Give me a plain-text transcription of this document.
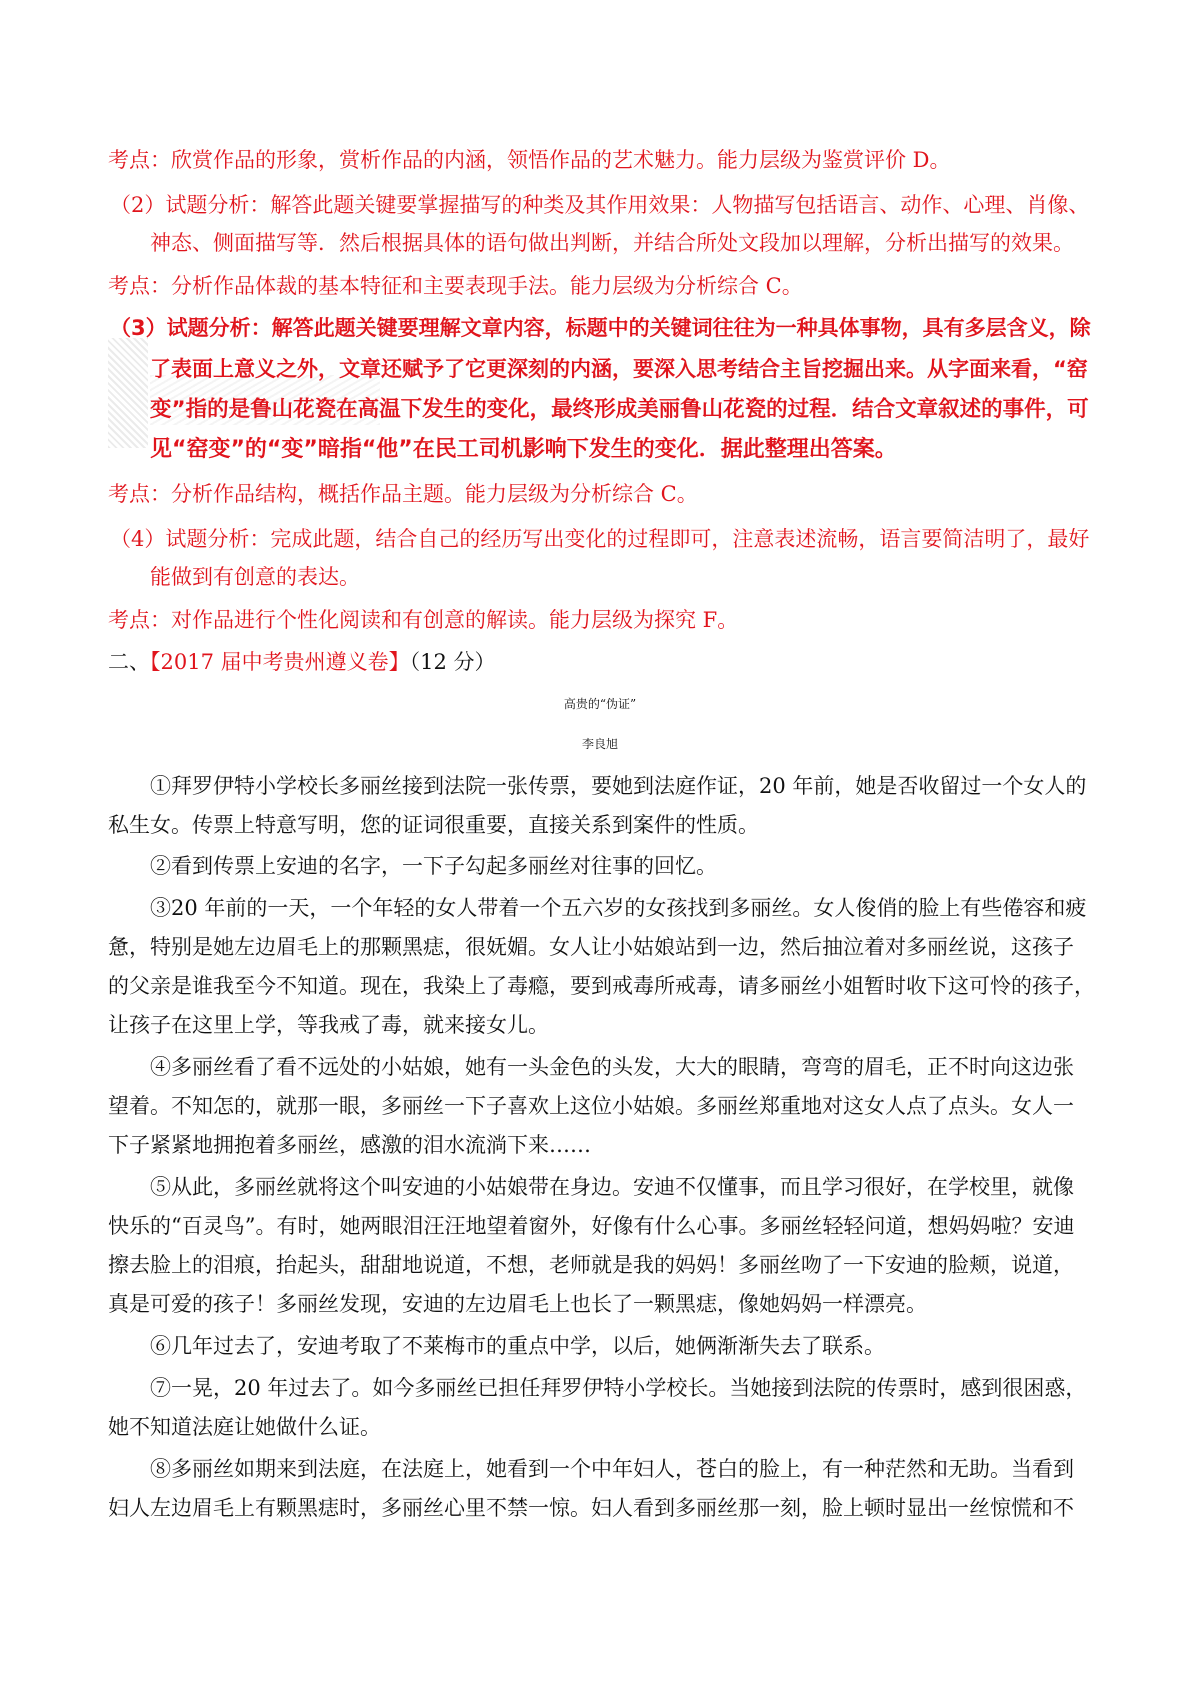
考点：欣赏作品的形象，赏析作品的内涵，领悟作品的艺术魅力。能力层级为鉴赏评价 D。
（2）试题分析：解答此题关键要掌握描写的种类及其作用效果：人物描写包括语言、动作、心理、肖像、
神态、侧面描写等．然后根据具体的语句做出判断，并结合所处文段加以理解，分析出描写的效果。
考点：分析作品体裁的基本特征和主要表现手法。能力层级为分析综合 C。
（3）试题分析：解答此题关键要理解文章内容，标题中的关键词往往为一种具体事物，具有多层含义，除
了表面上意义之外，文章还赋予了它更深刻的内涵，要深入思考结合主旨挖掘出来。从字面来看，“窑
变”指的是鲁山花瓷在高温下发生的变化，最终形成美丽鲁山花瓷的过程．结合文章叙述的事件，可
见“窑变”的“变”暗指“他”在民工司机影响下发生的变化．据此整理出答案。
考点：分析作品结构，概括作品主题。能力层级为分析综合 C。
（4）试题分析：完成此题，结合自己的经历写出变化的过程即可，注意表述流畅，语言要简洁明了，最好
能做到有创意的表达。
考点：对作品进行个性化阅读和有创意的解读。能力层级为探究 F。
二、【2017 届中考贵州遵义卷】（12 分）
高贵的“伪证”
李良旭
①拜罗伊特小学校长多丽丝接到法院一张传票，要她到法庭作证，20 年前，她是否收留过一个女人的
私生女。传票上特意写明，您的证词很重要，直接关系到案件的性质。
②看到传票上安迪的名字，一下子勾起多丽丝对往事的回忆。
③20 年前的一天，一个年轻的女人带着一个五六岁的女孩找到多丽丝。女人俊俏的脸上有些倦容和疲
惫，特别是她左边眉毛上的那颗黑痣，很妩媚。女人让小姑娘站到一边，然后抽泣着对多丽丝说，这孩子
的父亲是谁我至今不知道。现在，我染上了毒瘾，要到戒毒所戒毒，请多丽丝小姐暂时收下这可怜的孩子，
让孩子在这里上学，等我戒了毒，就来接女儿。
④多丽丝看了看不远处的小姑娘，她有一头金色的头发，大大的眼睛，弯弯的眉毛，正不时向这边张
望着。不知怎的，就那一眼，多丽丝一下子喜欢上这位小姑娘。多丽丝郑重地对这女人点了点头。女人一
下子紧紧地拥抱着多丽丝，感激的泪水流淌下来……
⑤从此，多丽丝就将这个叫安迪的小姑娘带在身边。安迪不仅懂事，而且学习很好，在学校里，就像
快乐的“百灵鸟”。有时，她两眼泪汪汪地望着窗外，好像有什么心事。多丽丝轻轻问道，想妈妈啦？安迪
擦去脸上的泪痕，抬起头，甜甜地说道，不想，老师就是我的妈妈！多丽丝吻了一下安迪的脸颊，说道，
真是可爱的孩子！多丽丝发现，安迪的左边眉毛上也长了一颗黑痣，像她妈妈一样漂亮。
⑥几年过去了，安迪考取了不莱梅市的重点中学，以后，她俩渐渐失去了联系。
⑦一晃，20 年过去了。如今多丽丝已担任拜罗伊特小学校长。当她接到法院的传票时，感到很困惑，
她不知道法庭让她做什么证。
⑧多丽丝如期来到法庭，在法庭上，她看到一个中年妇人，苍白的脸上，有一种茫然和无助。当看到
妇人左边眉毛上有颗黑痣时，多丽丝心里不禁一惊。妇人看到多丽丝那一刻，脸上顿时显出一丝惊慌和不
